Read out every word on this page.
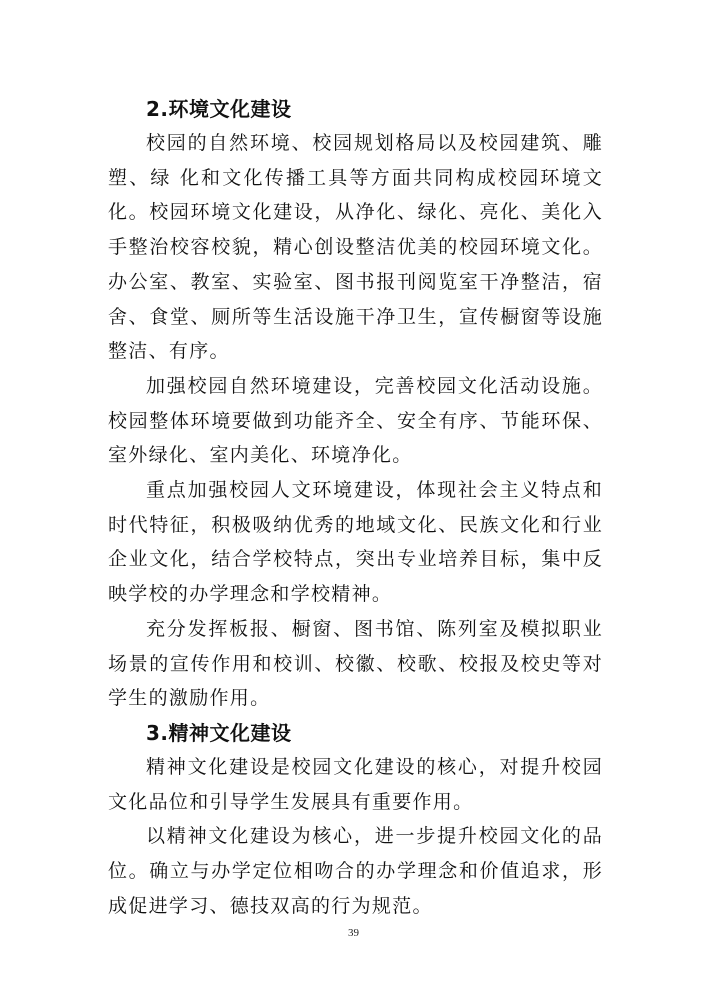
2.环境文化建设

校园的自然环境、校园规划格局以及校园建筑、雕塑、绿 化和文化传播工具等方面共同构成校园环境文化。校园环境文化建设，从净化、绿化、亮化、美化入手整治校容校貌，精心创设整洁优美的校园环境文化。办公室、教室、实验室、图书报刊阅览室干净整洁，宿舍、食堂、厕所等生活设施干净卫生，宣传橱窗等设施整洁、有序。

加强校园自然环境建设，完善校园文化活动设施。校园整体环境要做到功能齐全、安全有序、节能环保、室外绿化、室内美化、环境净化。

重点加强校园人文环境建设，体现社会主义特点和时代特征，积极吸纳优秀的地域文化、民族文化和行业企业文化，结合学校特点，突出专业培养目标，集中反映学校的办学理念和学校精神。

充分发挥板报、橱窗、图书馆、陈列室及模拟职业场景的宣传作用和校训、校徽、校歌、校报及校史等对学生的激励作用。

3.精神文化建设

精神文化建设是校园文化建设的核心，对提升校园文化品位和引导学生发展具有重要作用。

以精神文化建设为核心，进一步提升校园文化的品位。确立与办学定位相吻合的办学理念和价值追求，形成促进学习、德技双高的行为规范。

39
